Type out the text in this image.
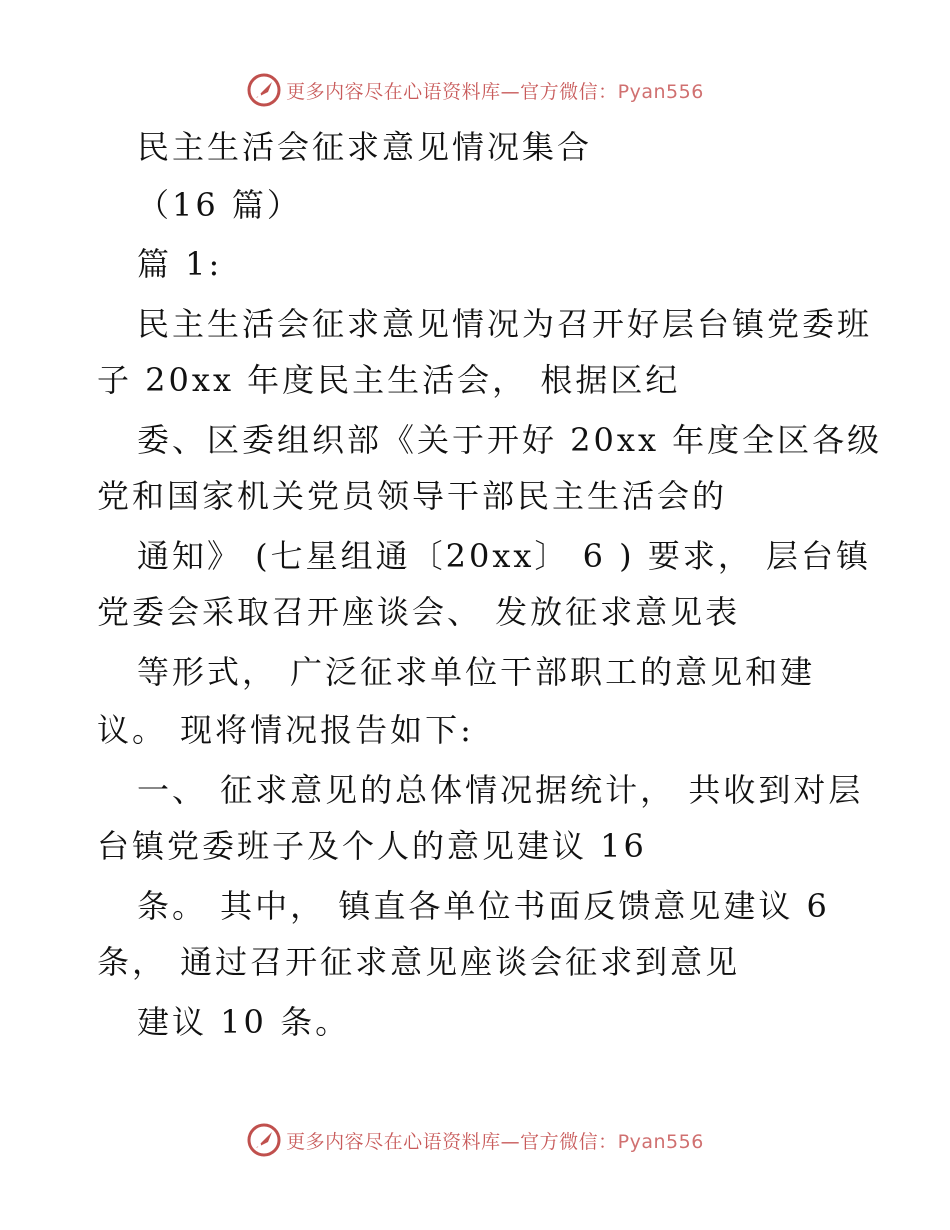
更多内容尽在心语资料库—官方微信：Pyan556
民主生活会征求意见情况集合
（16 篇）
篇 1:
民主生活会征求意见情况为召开好层台镇党委班
子 20xx 年度民主生活会， 根据区纪
委、区委组织部《关于开好 20xx 年度全区各级
党和国家机关党员领导干部民主生活会的
通知》 (七星组通〔20xx〕 6 ) 要求， 层台镇
党委会采取召开座谈会、 发放征求意见表
等形式， 广泛征求单位干部职工的意见和建
议。 现将情况报告如下:
一、 征求意见的总体情况据统计， 共收到对层
台镇党委班子及个人的意见建议 16
条。 其中， 镇直各单位书面反馈意见建议 6
条， 通过召开征求意见座谈会征求到意见
建议 10 条。
更多内容尽在心语资料库—官方微信：Pyan556
